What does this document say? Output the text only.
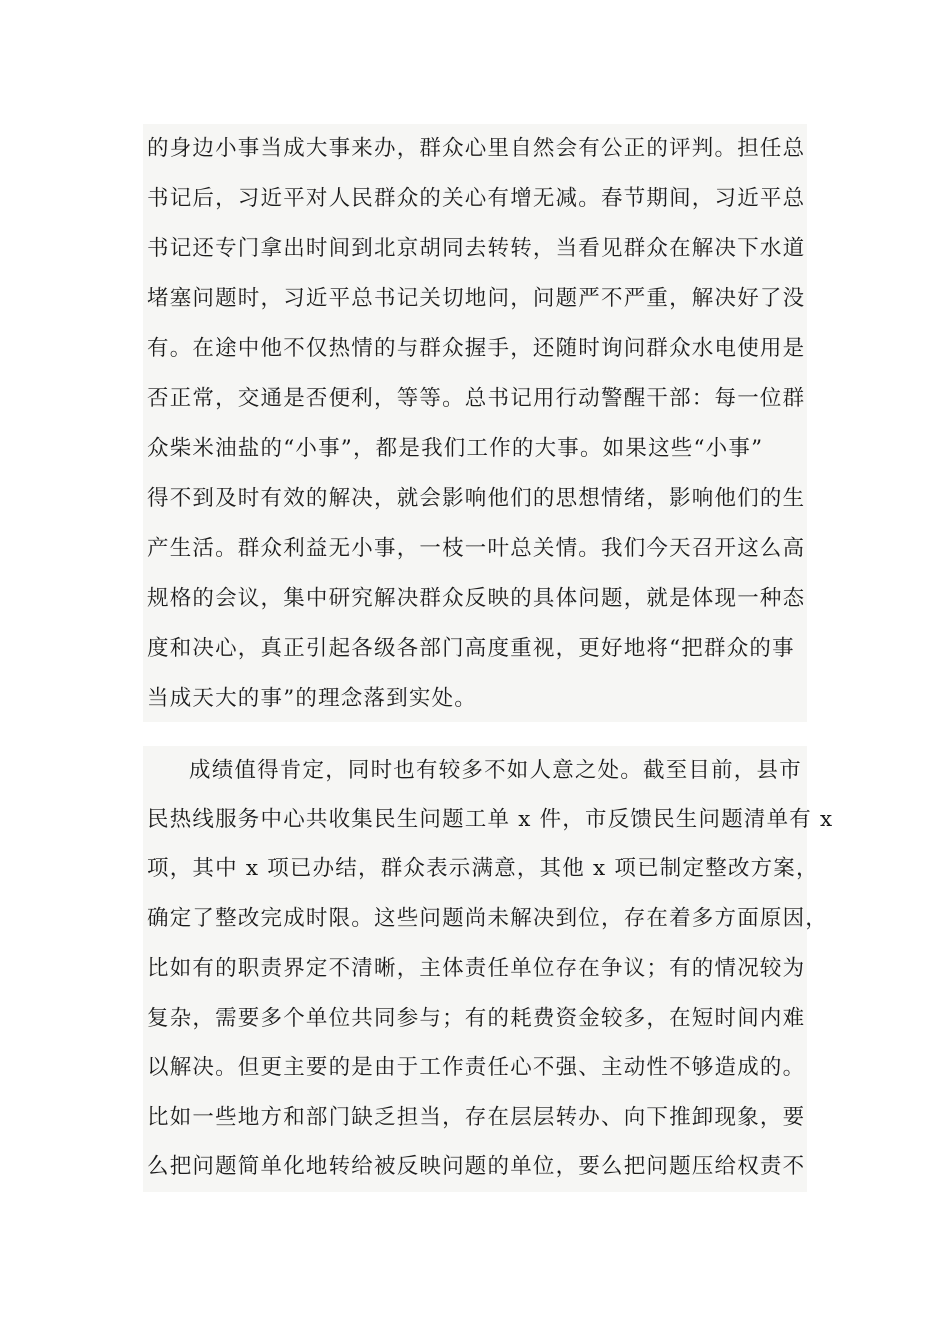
的身边小事当成大事来办，群众心里自然会有公正的评判。担任总
书记后，习近平对人民群众的关心有增无减。春节期间，习近平总
书记还专门拿出时间到北京胡同去转转，当看见群众在解决下水道
堵塞问题时，习近平总书记关切地问，问题严不严重，解决好了没
有。在途中他不仅热情的与群众握手，还随时询问群众水电使用是
否正常，交通是否便利，等等。总书记用行动警醒干部：每一位群
众柴米油盐的“小事”，都是我们工作的大事。如果这些“小事”
得不到及时有效的解决，就会影响他们的思想情绪，影响他们的生
产生活。群众利益无小事，一枝一叶总关情。我们今天召开这么高
规格的会议，集中研究解决群众反映的具体问题，就是体现一种态
度和决心，真正引起各级各部门高度重视，更好地将“把群众的事
当成天大的事”的理念落到实处。
成绩值得肯定，同时也有较多不如人意之处。截至目前，县市
民热线服务中心共收集民生问题工单 x 件，市反馈民生问题清单有 x
项，其中 x 项已办结，群众表示满意，其他 x 项已制定整改方案，
确定了整改完成时限。这些问题尚未解决到位，存在着多方面原因，
比如有的职责界定不清晰，主体责任单位存在争议；有的情况较为
复杂，需要多个单位共同参与；有的耗费资金较多，在短时间内难
以解决。但更主要的是由于工作责任心不强、主动性不够造成的。
比如一些地方和部门缺乏担当，存在层层转办、向下推卸现象，要
么把问题简单化地转给被反映问题的单位，要么把问题压给权责不
